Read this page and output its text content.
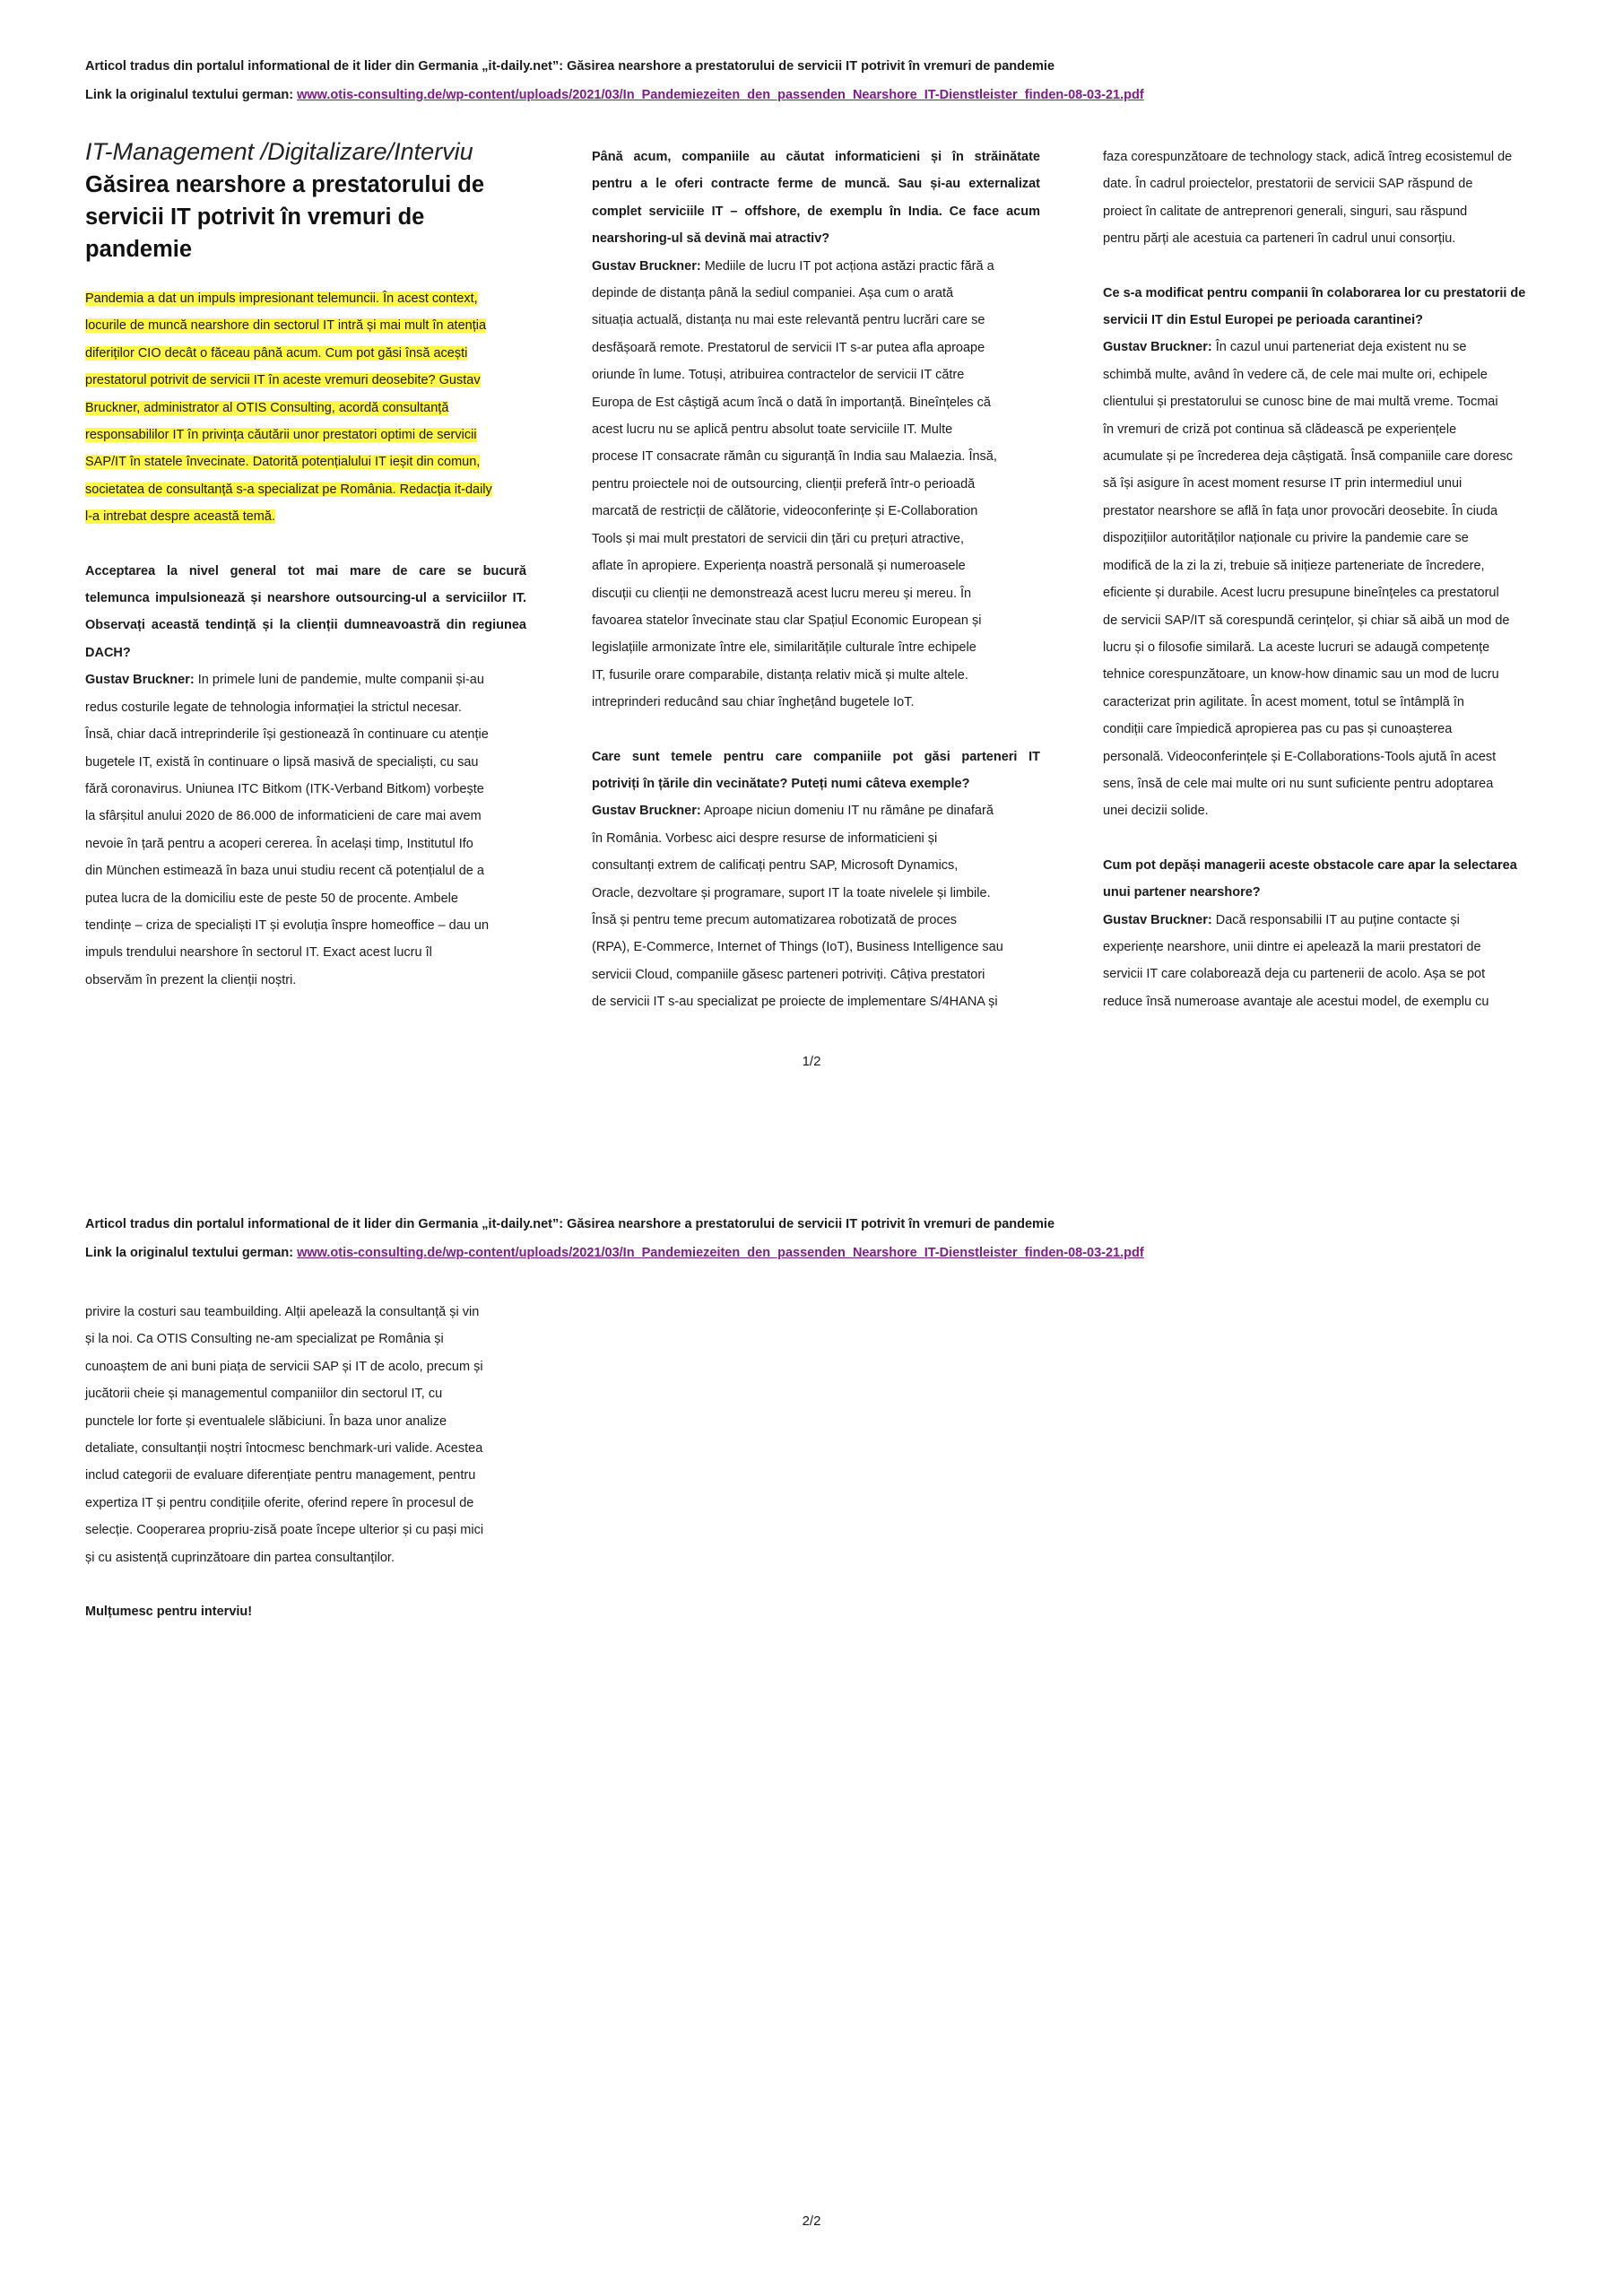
Articol tradus din portalul informational de it lider din Germania „it-daily.net”: Găsirea nearshore a prestatorului de servicii IT potrivit în vremuri de pandemie
Link la originalul textului german: www.otis-consulting.de/wp-content/uploads/2021/03/In_Pandemiezeiten_den_passenden_Nearshore_IT-Dienstleister_finden-08-03-21.pdf
IT-Management /Digitalizare/Interviu
Găsirea nearshore a prestatorului de
servicii IT potrivit în vremuri de
pandemie
Pandemia a dat un impuls impresionant telemuncii. În acest context,
locurile de muncă nearshore din sectorul IT intră și mai mult în atenția
diferiților CIO decât o făceau până acum. Cum pot găsi însă acești
prestatorul potrivit de servicii IT în aceste vremuri deosebite? Gustav
Bruckner, administrator al OTIS Consulting, acordă consultanță
responsabililor IT în privința căutării unor prestatori optimi de servicii
SAP/IT în statele învecinate. Datorită potențialului IT ieșit din comun,
societatea de consultanță s-a specializat pe România. Redacția it-daily
l-a intrebat despre această temă.
Acceptarea la nivel general tot mai mare de care se bucură
telemunca impulsionează și nearshore outsourcing-ul a serviciilor IT.
Observați această tendință și la clienții dumneavoastră din regiunea
DACH?
Gustav Bruckner: In primele luni de pandemie, multe companii și-au
redus costurile legate de tehnologia informației la strictul necesar.
Însă, chiar dacă intreprinderile își gestionează în continuare cu atenție
bugetele IT, există în continuare o lipsă masivă de specialiști, cu sau
fără coronavirus. Uniunea ITC Bitkom (ITK-Verband Bitkom) vorbește
la sfârșitul anului 2020 de 86.000 de informaticieni de care mai avem
nevoie în țară pentru a acoperi cererea. În același timp, Institutul Ifo
din München estimează în baza unui studiu recent că potențialul de a
putea lucra de la domiciliu este de peste 50 de procente. Ambele
tendințe – criza de specialiști IT și evoluția înspre homeoffice – dau un
impuls trendului nearshore în sectorul IT. Exact acest lucru îl
observăm în prezent la clienții noștri.
Până acum, companiile au căutat informaticieni și în străinătate
pentru a le oferi contracte ferme de muncă. Sau și-au externalizat
complet serviciile IT – offshore, de exemplu în India. Ce face acum
nearshoring-ul să devină mai atractiv?
Gustav Bruckner: Mediile de lucru IT pot acționa astăzi practic fără a
depinde de distanța până la sediul companiei. Așa cum o arată
situația actuală, distanța nu mai este relevantă pentru lucrări care se
desfășoară remote. Prestatorul de servicii IT s-ar putea afla aproape
oriunde în lume. Totuși, atribuirea contractelor de servicii IT către
Europa de Est câștigă acum încă o dată în importanță. Bineînțeles că
acest lucru nu se aplică pentru absolut toate serviciile IT. Multe
procese IT consacrate rămân cu siguranță în India sau Malaezia. Însă,
pentru proiectele noi de outsourcing, clienții preferă într-o perioadă
marcată de restricții de călătorie, videoconferințe și E-Collaboration
Tools și mai mult prestatori de servicii din țări cu prețuri atractive,
aflate în apropiere. Experiența noastră personală și numeroasele
discuții cu clienții ne demonstrează acest lucru mereu și mereu. În
favoarea statelor învecinate stau clar Spațiul Economic European și
legislațiile armonizate între ele, similaritățile culturale între echipele
IT, fusurile orare comparabile, distanța relativ mică și multe altele.
intreprinderi reducând sau chiar înghețând bugetele IoT.
Care sunt temele pentru care companiile pot găsi parteneri IT
potriviți în țările din vecinătate? Puteți numi câteva exemple?
Gustav Bruckner: Aproape niciun domeniu IT nu rămâne pe dinafară
în România. Vorbesc aici despre resurse de informaticieni și
consultanți extrem de calificați pentru SAP, Microsoft Dynamics,
Oracle, dezvoltare și programare, suport IT la toate nivelele și limbile.
Însă și pentru teme precum automatizarea robotizată de proces
(RPA), E-Commerce, Internet of Things (IoT), Business Intelligence sau
servicii Cloud, companiile găsesc parteneri potriviți. Câțiva prestatori
de servicii IT s-au specializat pe proiecte de implementare S/4HANA și
faza corespunzătoare de technology stack, adică întreg ecosistemul de
date. În cadrul proiectelor, prestatorii de servicii SAP răspund de
proiect în calitate de antreprenori generali, singuri, sau răspund
pentru părți ale acestuia ca parteneri în cadrul unui consorțiu.
Ce s-a modificat pentru companii în colaborarea lor cu prestatorii de
servicii IT din Estul Europei pe perioada carantinei?
Gustav Bruckner: În cazul unui parteneriat deja existent nu se
schimbă multe, având în vedere că, de cele mai multe ori, echipele
clientului și prestatorului se cunosc bine de mai multă vreme. Tocmai
în vremuri de criză pot continua să clădească pe experiențele
acumulate și pe încrederea deja câștigată. Însă companiile care doresc
să își asigure în acest moment resurse IT prin intermediul unui
prestator nearshore se află în fața unor provocări deosebite. În ciuda
dispozițiilor autorităților naționale cu privire la pandemie care se
modifică de la zi la zi, trebuie să inițieze parteneriate de încredere,
eficiente și durabile. Acest lucru presupune bineînțeles ca prestatorul
de servicii SAP/IT să corespundă cerințelor, și chiar să aibă un mod de
lucru și o filosofie similară. La aceste lucruri se adaugă competențe
tehnice corespunzătoare, un know-how dinamic sau un mod de lucru
caracterizat prin agilitate. În acest moment, totul se întâmplă în
condiții care împiedică apropierea pas cu pas și cunoașterea
personală. Videoconferințele și E-Collaborations-Tools ajută în acest
sens, însă de cele mai multe ori nu sunt suficiente pentru adoptarea
unei decizii solide.
Cum pot depăși managerii aceste obstacole care apar la selectarea
unui partener nearshore?
Gustav Bruckner: Dacă responsabilii IT au puține contacte și
experiențe nearshore, unii dintre ei apelează la marii prestatori de
servicii IT care colaborează deja cu partenerii de acolo. Așa se pot
reduce însă numeroase avantaje ale acestui model, de exemplu cu
1/2
Articol tradus din portalul informational de it lider din Germania „it-daily.net”: Găsirea nearshore a prestatorului de servicii IT potrivit în vremuri de pandemie
Link la originalul textului german: www.otis-consulting.de/wp-content/uploads/2021/03/In_Pandemiezeiten_den_passenden_Nearshore_IT-Dienstleister_finden-08-03-21.pdf
privire la costuri sau teambuilding. Alții apelează la consultanță și vin
și la noi. Ca OTIS Consulting ne-am specializat pe România și
cunoaștem de ani buni piața de servicii SAP și IT de acolo, precum și
jucătorii cheie și managementul companiilor din sectorul IT, cu
punctele lor forte și eventualele slăbiciuni. În baza unor analize
detaliate, consultanții noștri întocmesc benchmark-uri valide. Acestea
includ categorii de evaluare diferențiate pentru management, pentru
expertiza IT și pentru condițiile oferite, oferind repere în procesul de
selecție. Cooperarea propriu-zisă poate începe ulterior și cu pași mici
și cu asistență cuprinzătoare din partea consultanților.
Mulțumesc pentru interviu!
2/2
